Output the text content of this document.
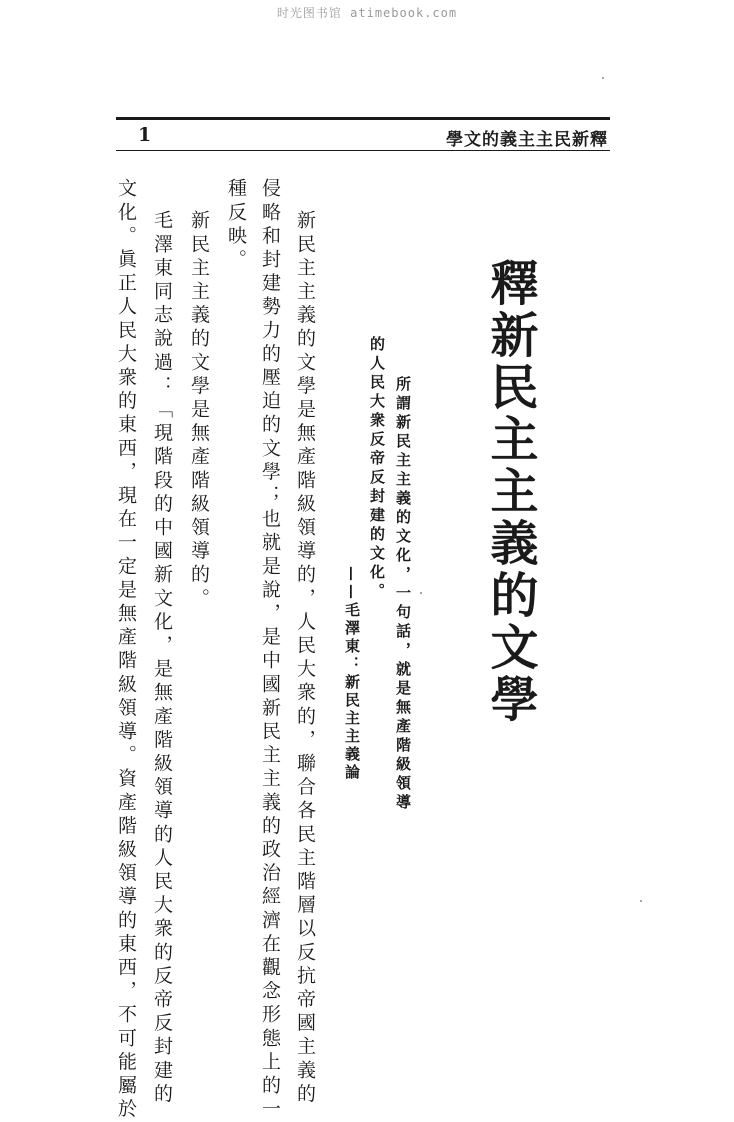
时光图书馆 atimebook.com
1	學文的義主主民新釋
釋新民主主義的文學
所謂新民主主義的文化，一句話，就是無產階級領導
的人民大衆反帝反封建的文化。
——毛澤東：新民主主義論
新民主主義的文學是無產階級領導的，人民大衆的，聯合各民主階層以反抗帝國主義的
侵略和封建勢力的壓迫的文學；也就是說，是中國新民主主義的政治經濟在觀念形態上的一
種反映。
新民主主義的文學是無產階級領導的。
毛澤東同志說過：「現階段的中國新文化，是無產階級領導的人民大衆的反帝反封建的
文化。眞正人民大衆的東西，現在一定是無產階級領導。資產階級領導的東西，不可能屬於
